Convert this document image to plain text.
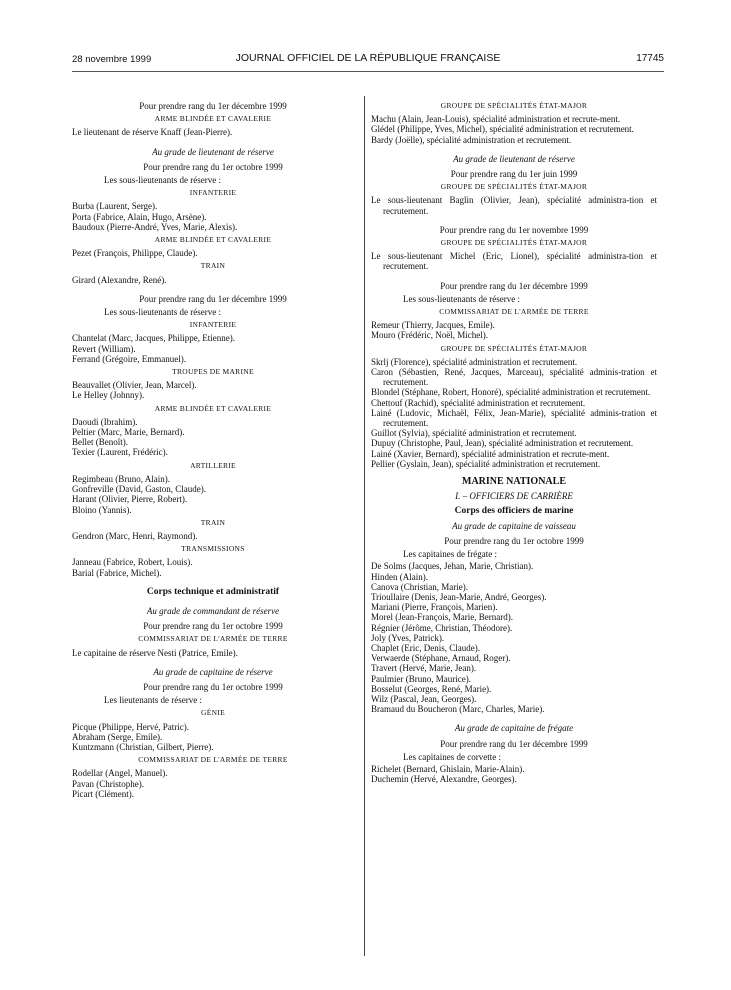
28 novembre 1999	JOURNAL OFFICIEL DE LA RÉPUBLIQUE FRANÇAISE	17745
Pour prendre rang du 1er décembre 1999
ARME BLINDÉE ET CAVALERIE
Le lieutenant de réserve Knaff (Jean-Pierre).
Au grade de lieutenant de réserve
Pour prendre rang du 1er octobre 1999
Les sous-lieutenants de réserve :
INFANTERIE
Burba (Laurent, Serge).
Porta (Fabrice, Alain, Hugo, Arsène).
Baudoux (Pierre-André, Yves, Marie, Alexis).
ARME BLINDÉE ET CAVALERIE
Pezet (François, Philippe, Claude).
TRAIN
Girard (Alexandre, René).
Pour prendre rang du 1er décembre 1999
Les sous-lieutenants de réserve :
INFANTERIE
Chantelat (Marc, Jacques, Philippe, Etienne).
Revert (William).
Ferrand (Grégoire, Emmanuel).
TROUPES DE MARINE
Beauvallet (Olivier, Jean, Marcel).
Le Helley (Johnny).
ARME BLINDÉE ET CAVALERIE
Daoudi (Ibrahim).
Peltier (Marc, Marie, Bernard).
Bellet (Benoît).
Texier (Laurent, Frédéric).
ARTILLERIE
Regimbeau (Bruno, Alain).
Gonfreville (David, Gaston, Claude).
Harant (Olivier, Pierre, Robert).
Bloino (Yannis).
TRAIN
Gendron (Marc, Henri, Raymond).
TRANSMISSIONS
Janneau (Fabrice, Robert, Louis).
Barial (Fabrice, Michel).
Corps technique et administratif
Au grade de commandant de réserve
Pour prendre rang du 1er octobre 1999
COMMISSARIAT DE L'ARMÉE DE TERRE
Le capitaine de réserve Nesti (Patrice, Emile).
Au grade de capitaine de réserve
Pour prendre rang du 1er octobre 1999
Les lieutenants de réserve :
GÉNIE
Picque (Philippe, Hervé, Patric).
Abraham (Serge, Emile).
Kuntzmann (Christian, Gilbert, Pierre).
COMMISSARIAT DE L'ARMÉE DE TERRE
Rodellar (Angel, Manuel).
Pavan (Christophe).
Picart (Clément).
GROUPE DE SPÉCIALITÉS ÉTAT-MAJOR
Machu (Alain, Jean-Louis), spécialité administration et recrute-ment.
Glédel (Philippe, Yves, Michel), spécialité administration et recrutement.
Bardy (Joëlle), spécialité administration et recrutement.
Au grade de lieutenant de réserve
Pour prendre rang du 1er juin 1999
GROUPE DE SPÉCIALITÉS ÉTAT-MAJOR
Le sous-lieutenant Baglin (Olivier, Jean), spécialité administra-tion et recrutement.
Pour prendre rang du 1er novembre 1999
GROUPE DE SPÉCIALITÉS ÉTAT-MAJOR
Le sous-lieutenant Michel (Eric, Lionel), spécialité administra-tion et recrutement.
Pour prendre rang du 1er décembre 1999
Les sous-lieutenants de réserve :
COMMISSARIAT DE L'ARMÉE DE TERRE
Remeur (Thierry, Jacques, Emile).
Mouro (Frédéric, Noël, Michel).
GROUPE DE SPÉCIALITÉS ÉTAT-MAJOR
Skrlj (Florence), spécialité administration et recrutement.
Caron (Sébastien, René, Jacques, Marceau), spécialité adminis-tration et recrutement.
Blondel (Stéphane, Robert, Honoré), spécialité administration et recrutement.
Chettouf (Rachid), spécialité administration et recrutement.
Lainé (Ludovic, Michaël, Félix, Jean-Marie), spécialité adminis-tration et recrutement.
Guillot (Sylvia), spécialité administration et recrutement.
Dupuy (Christophe, Paul, Jean), spécialité administration et recrutement.
Lainé (Xavier, Bernard), spécialité administration et recrute-ment.
Pellier (Gyslain, Jean), spécialité administration et recrutement.
MARINE NATIONALE
I. – OFFICIERS DE CARRIÈRE
Corps des officiers de marine
Au grade de capitaine de vaisseau
Pour prendre rang du 1er octobre 1999
Les capitaines de frégate :
De Solms (Jacques, Jehan, Marie, Christian).
Hinden (Alain).
Canova (Christian, Marie).
Trioullaire (Denis, Jean-Marie, André, Georges).
Mariani (Pierre, François, Marien).
Morel (Jean-François, Marie, Bernard).
Régnier (Jérôme, Christian, Théodore).
Joly (Yves, Patrick).
Chaplet (Eric, Denis, Claude).
Verwaerde (Stéphane, Arnaud, Roger).
Travert (Hervé, Marie, Jean).
Paulmier (Bruno, Maurice).
Bosselut (Georges, René, Marie).
Wilz (Pascal, Jean, Georges).
Bramaud du Boucheron (Marc, Charles, Marie).
Au grade de capitaine de frégate
Pour prendre rang du 1er décembre 1999
Les capitaines de corvette :
Richelet (Bernard, Ghislain, Marie-Alain).
Duchemin (Hervé, Alexandre, Georges).
